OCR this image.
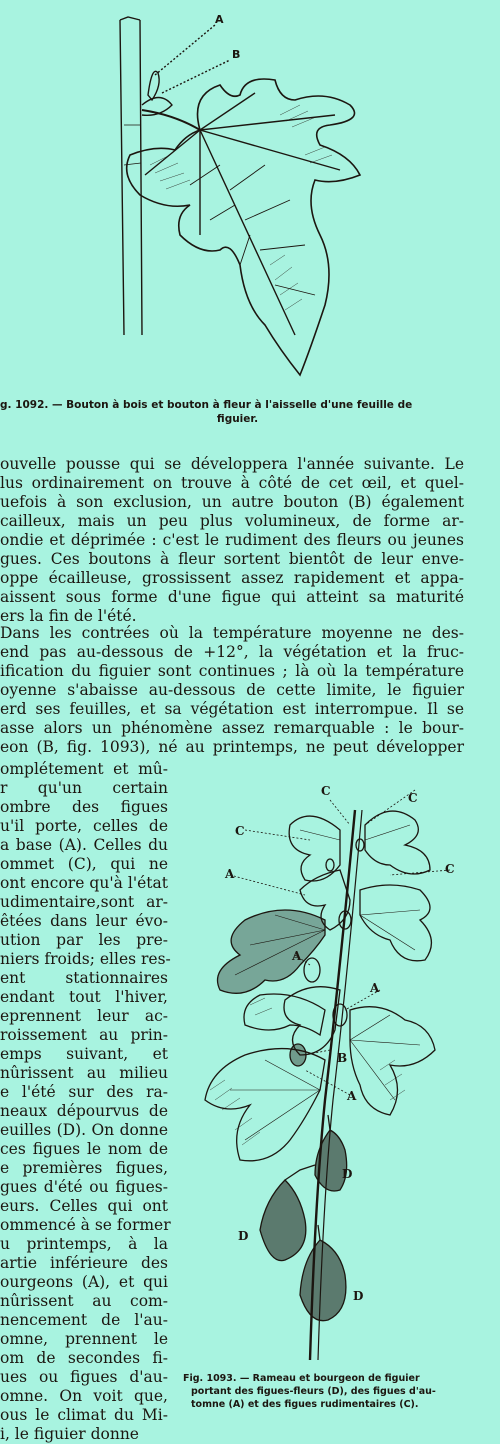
A
B
g. 1092. — Bouton à bois et bouton à fleur à l'aisselle d'une feuille de
figuier.
ouvelle pousse qui se développera l'année suivante. Le
lus ordinairement on trouve à côté de cet œil, et quel-
uefois à son exclusion, un autre bouton (B) également
caillеux, mais un peu plus volumineux, de forme ar-
ondie et déprimée : c'est le rudiment des fleurs ou jeunes
gues. Ces boutons à fleur sortent bientôt de leur enve-
oppe écailleuse, grossissent assez rapidement et appa-
aissent sous forme d'une figue qui atteint sa maturité
ers la fin de l'été.
Dans les contrées où la température moyenne ne des-
end pas au-dessous de +12°, la végétation et la fruc-
ification du figuier sont continues ; là où la température
oyenne s'abaisse au-dessous de cette limite, le figuier
erd ses feuilles, et sa végétation est interrompue. Il se
asse alors un phénomène assez remarquable : le bour-
eon (B, fig. 1093), né au printemps, ne peut développer
omplétement et mû-
r qu'un certain
ombre des figues
u'il porte, celles de
a base (A). Celles du
ommet (C), qui ne
ont encore qu'à l'état
udimentaire,sont ar-
êtées dans leur évo-
ution par les pre-
niers froids; elles res-
ent stationnaires
endant tout l'hiver,
eprennent leur ac-
roissement au prin-
emps suivant, et
nûrissent au milieu
e l'été sur des ra-
neaux dépourvus de
euilles (D). On donne
ces figues le nom de
e premières figues,
gues d'été ou figues-
eurs. Celles qui ont
ommencé à se former
u printemps, à la
artie inférieure des
ourgeons (A), et qui
nûrissent au com-
nencement de l'au-
omne, prennent le
om de secondes fi-
ues ou figues d'au-
omne. On voit que,
ous le climat du Mi-
i, le figuier donne
C	C
C
C
A
A
A
B
A
D
D
D
Fig. 1093. — Rameau et bourgeon de figuier
portant des figues-fleurs (D), des figues d'au-
tomne (A) et des figues rudimentaires (C).
